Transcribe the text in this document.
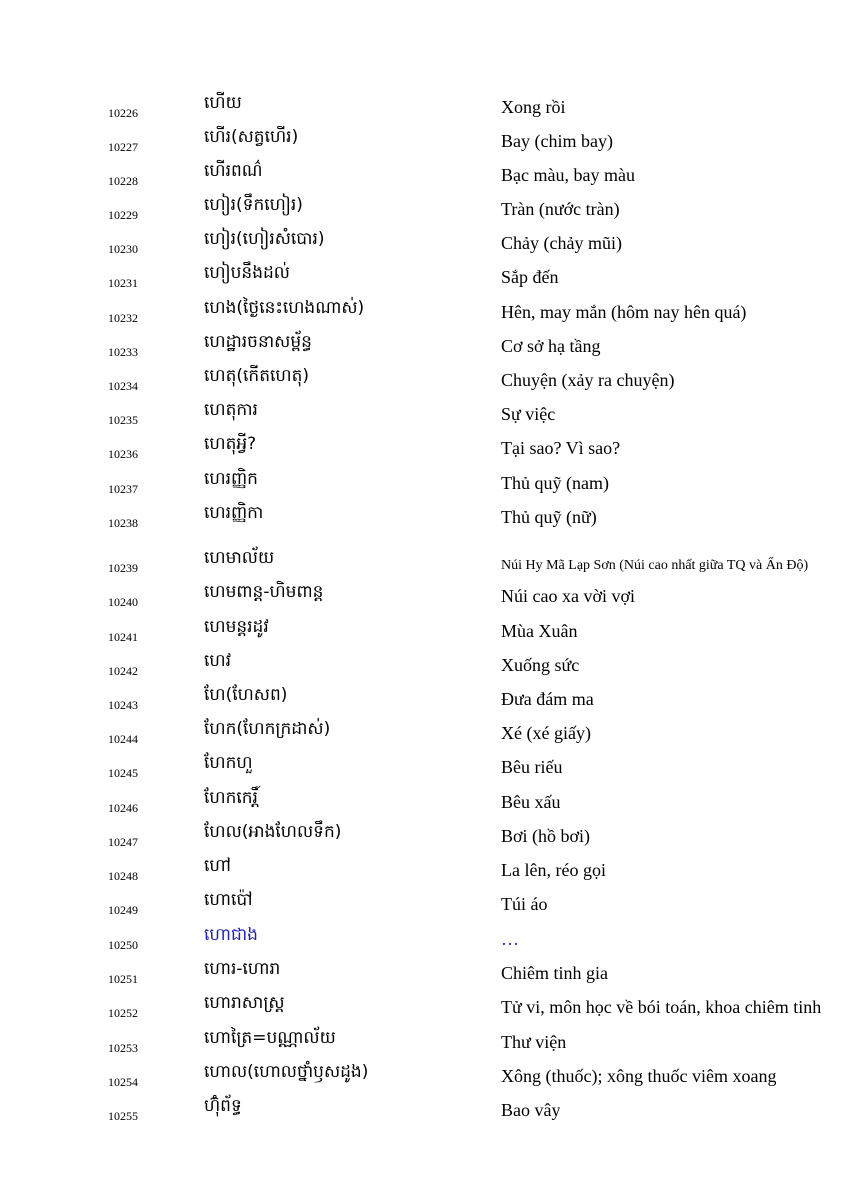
10226	ហើយ	Xong rồi
10227	ហើរ(សត្វហើរ)	Bay (chim bay)
10228	ហើរពណ៌	Bạc màu, bay màu
10229	ហៀរ(ទឹកហៀរ)	Tràn (nước tràn)
10230	ហៀរ(ហៀរសំបោរ)	Chảy (chảy mũi)
10231	ហៀបនឹងដល់	Sắp đến
10232	ហេង(ថ្ងៃនេះហេងណាស់)	Hên, may mắn (hôm nay hên quá)
10233	ហេដ្ឋារចនាសម្ព័ន្ធ	Cơ sở hạ tầng
10234	ហេតុ(កើតហេតុ)	Chuyện (xảy ra chuyện)
10235	ហេតុការ	Sự việc
10236	ហេតុអ្វី?	Tại sao? Vì sao?
10237	ហេរញ្ញិក	Thủ quỹ (nam)
10238	ហេរញ្ញិកា	Thủ quỹ (nữ)
10239	ហេមាល័យ	Núi Hy Mã Lạp Sơn (Núi cao nhất giữa TQ và Ấn Độ)
10240	ហេមពាន្ត-ហិមពាន្ត	Núi cao xa vời vợi
10241	ហេមន្តរដូវ	Mùa Xuân
10242	ហេវ	Xuống sức
10243	ហែ(ហែសព)	Đưa đám ma
10244	ហែក(ហែកក្រដាស់)	Xé (xé giấy)
10245	ហែកហួ	Bêu riếu
10246	ហែកកេរ្តិ៍	Bêu xấu
10247	ហែល(អាងហែលទឹក)	Bơi (hồ bơi)
10248	ហៅ	La lên, réo gọi
10249	ហោប៉ៅ	Túi áo
10250	ហោជាង	…
10251	ហោរ-ហោរា	Chiêm tinh gia
10252	ហោរាសាស្ត្រ	Tử vi, môn học về bói toán, khoa chiêm tinh
10253	ហោត្រៃ=បណ្ណាល័យ	Thư viện
10254	ហោល(ហោលថ្នាំឫសដូង)	Xông (thuốc); xông thuốc viêm xoang
10255	ហ៊ុំព័ទ្ធ	Bao vây
